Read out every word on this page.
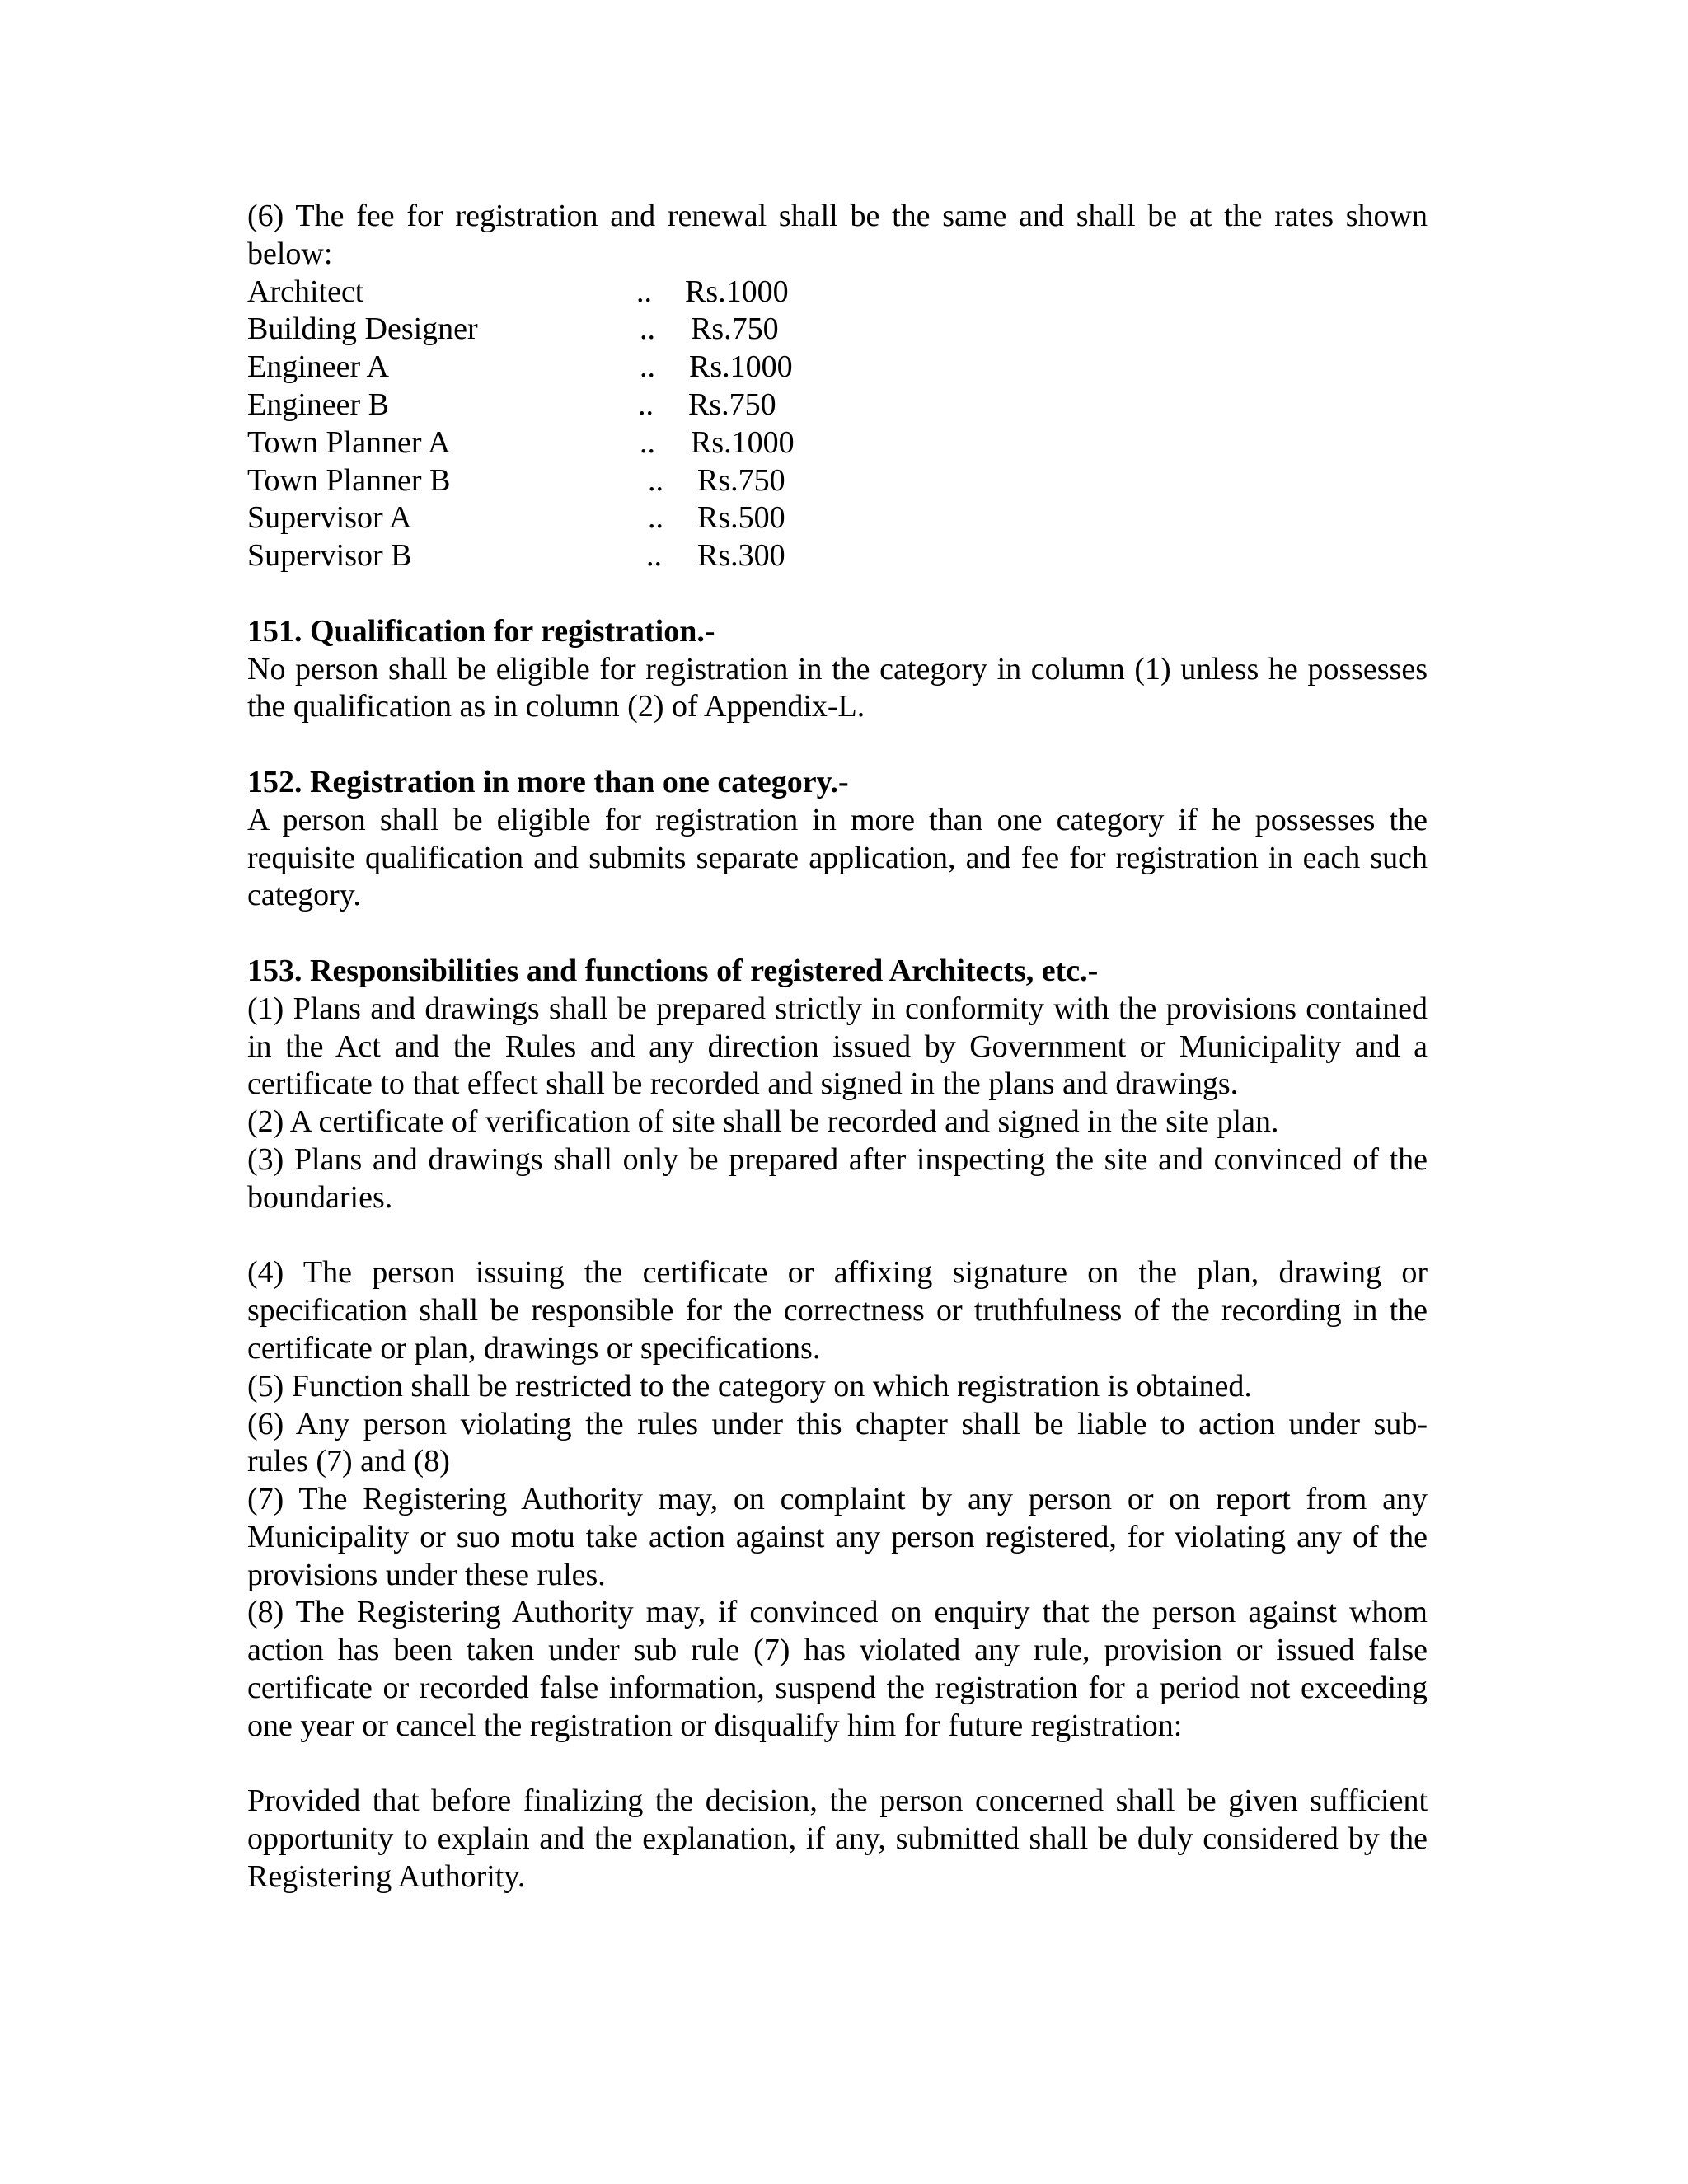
(6) The fee for registration and renewal shall be the same and shall be at the rates shown

below:

Architect	.. Rs.1000
Building Designer	.. Rs.750
Engineer A	.. Rs.1000
Engineer B	.. Rs.750
Town Planner A	.. Rs.1000
Town Planner B	.. Rs.750
Supervisor A	.. Rs.500
Supervisor B	.. Rs.300
151. Qualification for registration.-

No person shall be eligible for registration in the category in column (1) unless he possesses the qualification as in column (2) of Appendix-L.

152. Registration in more than one category.-

A person shall be eligible for registration in more than one category if he possesses the requisite qualification and submits separate application, and fee for registration in each such category.

153. Responsibilities and functions of registered Architects, etc.-

(1) Plans and drawings shall be prepared strictly in conformity with the provisions contained in the Act and the Rules and any direction issued by Government or Municipality and a certificate to that effect shall be recorded and signed in the plans and drawings.

(2) A certificate of verification of site shall be recorded and signed in the site plan.

(3) Plans and drawings shall only be prepared after inspecting the site and convinced of the boundaries.

(4) The person issuing the certificate or affixing signature on the plan, drawing or specification shall be responsible for the correctness or truthfulness of the recording in the certificate or plan, drawings or specifications.

(5) Function shall be restricted to the category on which registration is obtained.

(6) Any person violating the rules under this chapter shall be liable to action under sub-

rules (7) and (8)

(7) The Registering Authority may, on complaint by any person or on report from any Municipality or suo motu take action against any person registered, for violating any of the provisions under these rules.

(8) The Registering Authority may, if convinced on enquiry that the person against whom action has been taken under sub rule (7) has violated any rule, provision or issued false certificate or recorded false information, suspend the registration for a period not exceeding one year or cancel the registration or disqualify him for future registration:

Provided that before finalizing the decision, the person concerned shall be given sufficient opportunity to explain and the explanation, if any, submitted shall be duly considered by the Registering Authority.
